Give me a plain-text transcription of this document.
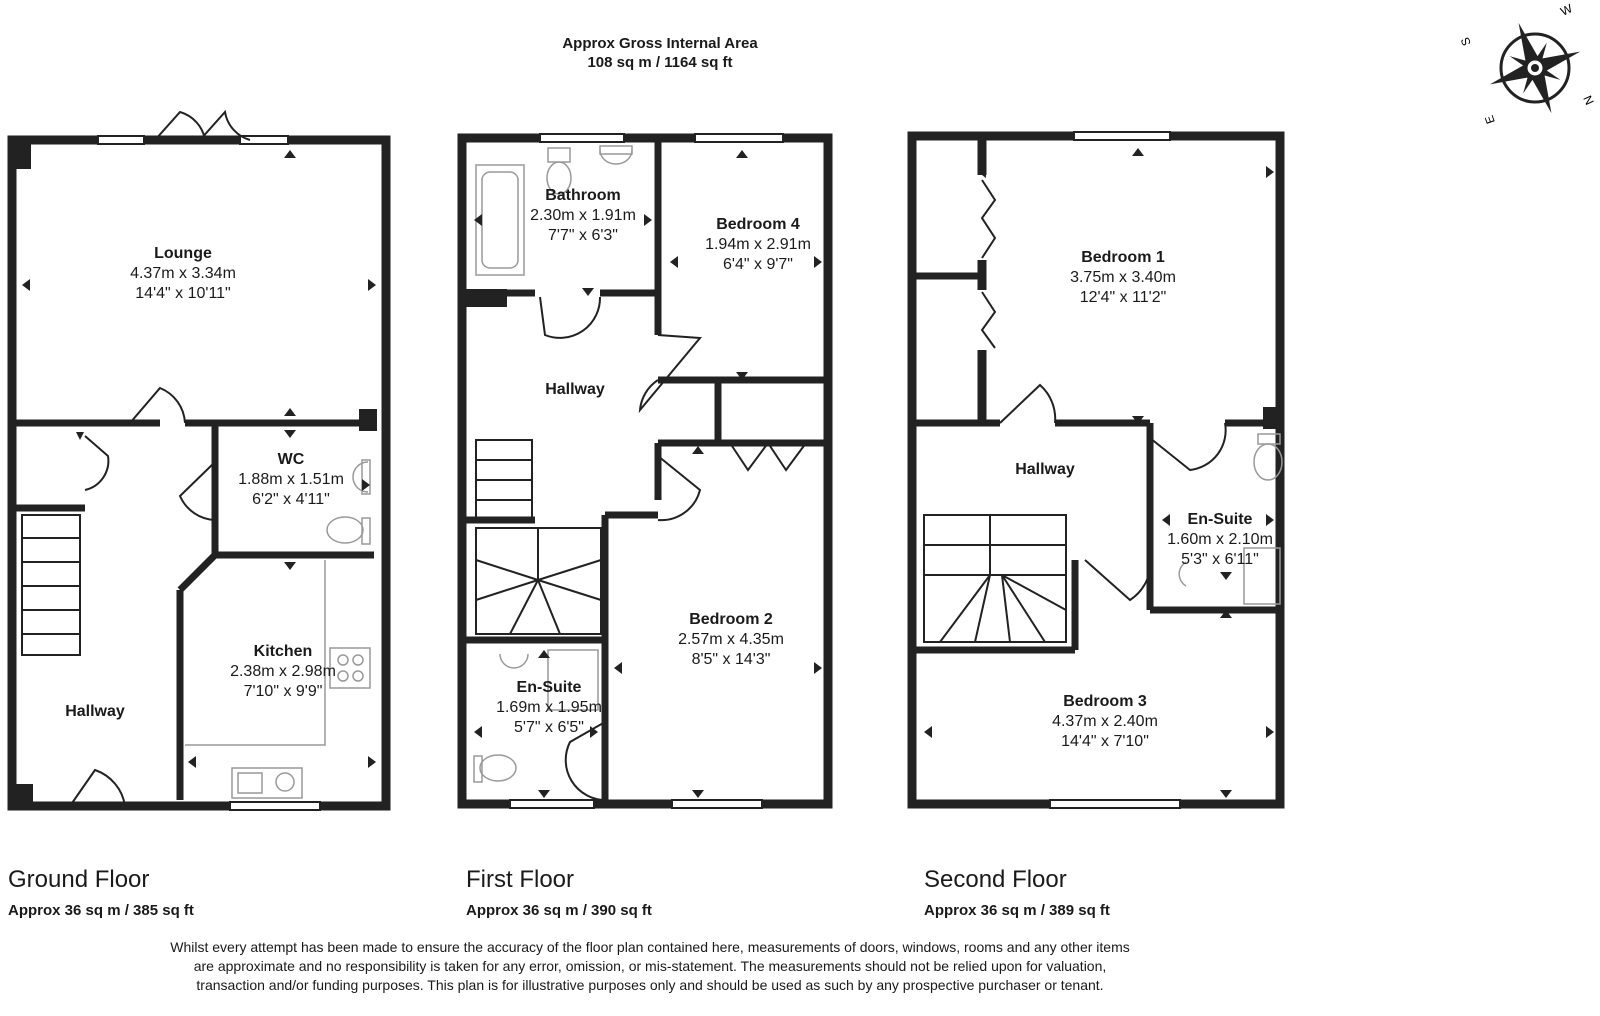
Approx Gross Internal Area
108 sq m / 1164 sq ft
W
N
E
S
Lounge
4.37m x 3.34m
14'4" x 10'11"
WC
1.88m x 1.51m
6'2" x 4'11"
Kitchen
2.38m x 2.98m
7'10" x 9'9"
Hallway
Bathroom
2.30m x 1.91m
7'7" x 6'3"
Bedroom 4
1.94m x 2.91m
6'4" x 9'7"
Hallway
Bedroom 2
2.57m x 4.35m
8'5" x 14'3"
En-Suite
1.69m x 1.95m
5'7" x 6'5"
Bedroom 1
3.75m x 3.40m
12'4" x 11'2"
Hallway
En-Suite
1.60m x 2.10m
5'3" x 6'11"
Bedroom 3
4.37m x 2.40m
14'4" x 7'10"
Ground Floor
Approx 36 sq m / 385 sq ft
First Floor
Approx 36 sq m / 390 sq ft
Second Floor
Approx 36 sq m / 389 sq ft
Whilst every attempt has been made to ensure the accuracy of the floor plan contained here, measurements of doors, windows, rooms and any other items are approximate and no responsibility is taken for any error, omission, or mis-statement. The measurements should not be relied upon for valuation, transaction and/or funding purposes. This plan is for illustrative purposes only and should be used as such by any prospective purchaser or tenant.
